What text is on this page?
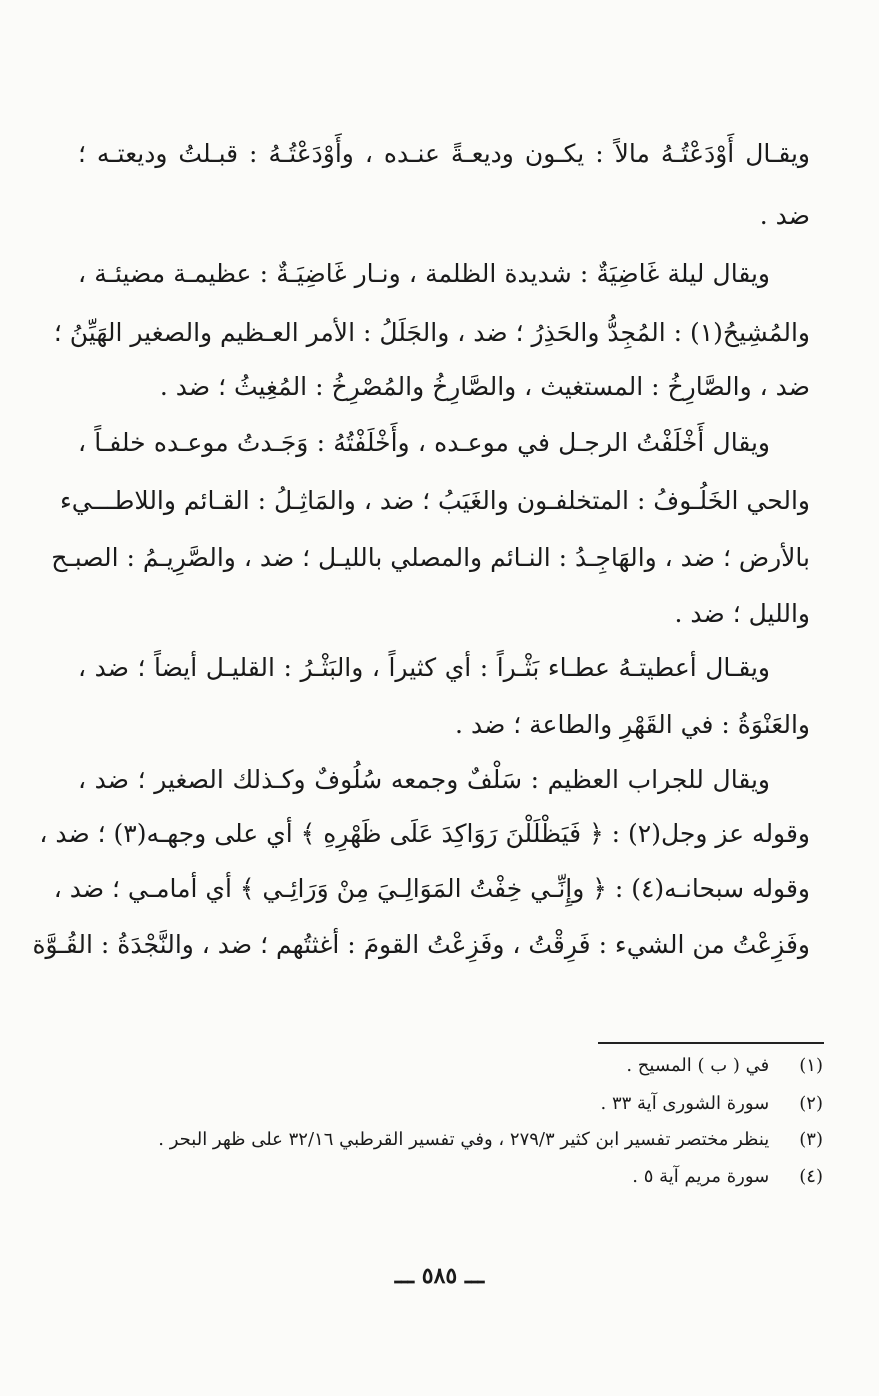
ويقـال أَوْدَعْتُـهُ مالاً : يكـون وديعـةً عنـده ، وأَوْدَعْتُـهُ : قبـلتُ وديعتـه ؛
ضد .
ويقال ليلة غَاضِيَةٌ : شديدة الظلمة ، ونـار غَاضِيَـةٌ : عظيمـة مضيئـة ،
والمُشِيحُ(١) : المُجِدُّ والحَذِرُ ؛ ضد ، والجَلَلُ : الأمر العـظيم والصغير الهَيِّنُ ؛
ضد ، والصَّارِخُ : المستغيث ، والصَّارِخُ والمُصْرِخُ : المُغِيثُ ؛ ضد .
ويقال أَخْلَفْتُ الرجـل في موعـده ، وأَخْلَفْتُهُ : وَجَـدتُ موعـده خلفـاً ،
والحي الخَلُـوفُ : المتخلفـون والغَيَبُ ؛ ضد ، والمَاثِـلُ : القـائم واللاطـــيء
بالأرض ؛ ضد ، والهَاجِـدُ : النـائم والمصلي بالليـل ؛ ضد ، والصَّرِيـمُ : الصبـح
والليل ؛ ضد .
ويقـال أعطيتـهُ عطـاء بَثْـراً : أي كثيراً ، والبَثْـرُ : القليـل أيضاً ؛ ضد ،
والعَنْوَةُ : في القَهْرِ والطاعة ؛ ضد .
ويقال للجراب العظيم : سَلْفٌ وجمعه سُلُوفٌ وكـذلك الصغير ؛ ضد ،
وقوله عز وجل(٢) : ﴿ فَيَظْلَلْنَ رَوَاكِدَ عَلَى ظَهْرِهِ ﴾ أي على وجهـه(٣) ؛ ضد ،
وقوله سبحانـه(٤) : ﴿ وإِنِّـي خِفْتُ المَوَالِـيَ مِنْ وَرَائِـي ﴾ أي أمامـي ؛ ضد ،
وفَزِعْتُ من الشيء : فَرِقْتُ ، وفَزِعْتُ القومَ : أغثتُهم ؛ ضد ، والنَّجْدَةُ : القُـوَّة
(١) في ( ب ) المسيح .
(٢) سورة الشورى آية ٣٣ .
(٣) ينظر مختصر تفسير ابن كثير ٢٧٩/٣ ، وفي تفسير القرطبي ٣٢/١٦ على ظهر البحر .
(٤) سورة مريم آية ٥ .
ـــ ٥٨٥ ـــ
